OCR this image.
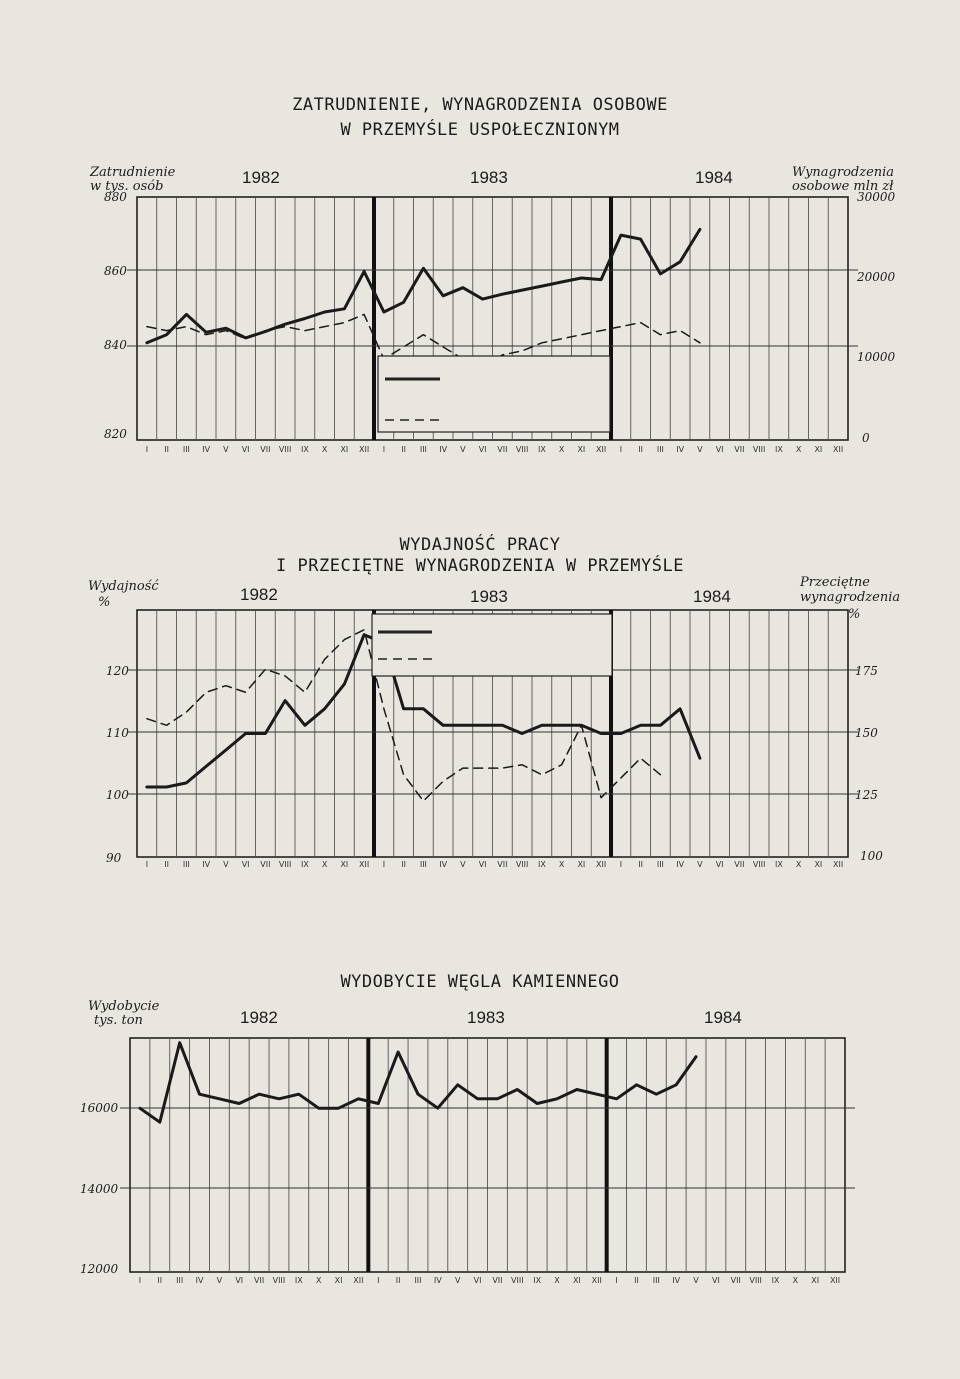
ZATRUDNIENIE, WYNAGRODZENIA OSOBOWE
W PRZEMYŚLE USPOŁECZNIONYM
Zatrudnienie
w tys. osób
Wynagrodzenia
osobowe mln zł
1982	1983	1984
880
860
840
820
30000
20000
10000
0
WYDAJNOŚĆ PRACY
I PRZECIĘTNE WYNAGRODZENIA W PRZEMYŚLE
Wydajność
%
Przeciętne
wynagrodzenia
%
1982	1983	1984
120
110
100
90
175
150
125
100
WYDOBYCIE WĘGLA KAMIENNEGO
Wydobycie
tys. ton	1982	1983	1984
16000
14000
12000
I II III IV V VI VII VIII IX X XI XII I II III IV V VI VII VIII IX X XI XII I II III IV V VI VII VIII IX X XI XII
I II III IV V VI VII VIII IX X XI XII I II III IV V VI VII VIII IX X XI XII I II III IV V VI VII VIII IX X XI XII
I II III IV V VI VII VIII IX X XI XII I II III IV V VI VII VIII IX X XI XII I II III IV V VI VII VIII IX X XI XII
